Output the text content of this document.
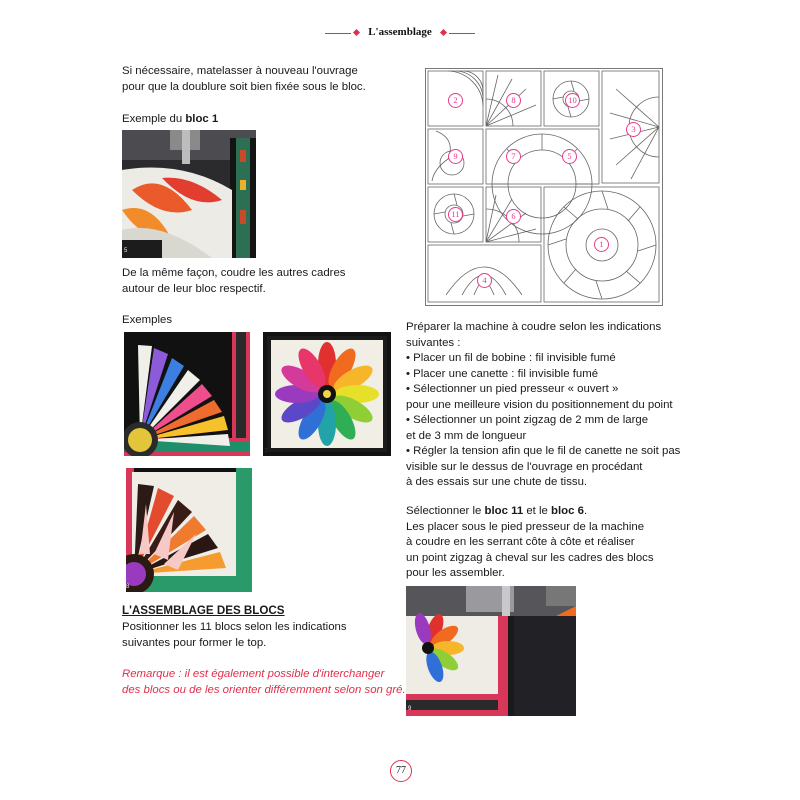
L'assemblage
Si nécessaire, matelasser à nouveau l'ouvrage
pour que la doublure soit bien fixée sous le bloc.
Exemple du bloc 1
5
De la même façon, coudre les autres cadres
autour de leur bloc respectif.
Exemples
6	7
8
L'ASSEMBLAGE DES BLOCS
Positionner les 11 blocs selon les indications
suivantes pour former le top.
Remarque : il est également possible d'interchanger
des blocs ou de les orienter différemment selon son gré.
2	8	10
3
9	7	5
11	6
1
4
Préparer la machine à coudre selon les indications
suivantes :
• Placer un fil de bobine : fil invisible fumé
• Placer une canette : fil invisible fumé
• Sélectionner un pied presseur « ouvert »
pour une meilleure vision du positionnement du point
• Sélectionner un point zigzag de 2 mm de large
et de 3 mm de longueur
• Régler la tension afin que le fil de canette ne soit pas
visible sur le dessus de l'ouvrage en procédant
à des essais sur une chute de tissu.
Sélectionner le bloc 11 et le bloc 6.
Les placer sous le pied presseur de la machine
à coudre en les serrant côte à côte et réaliser
un point zigzag à cheval sur les cadres des blocs
pour les assembler.
9
77
